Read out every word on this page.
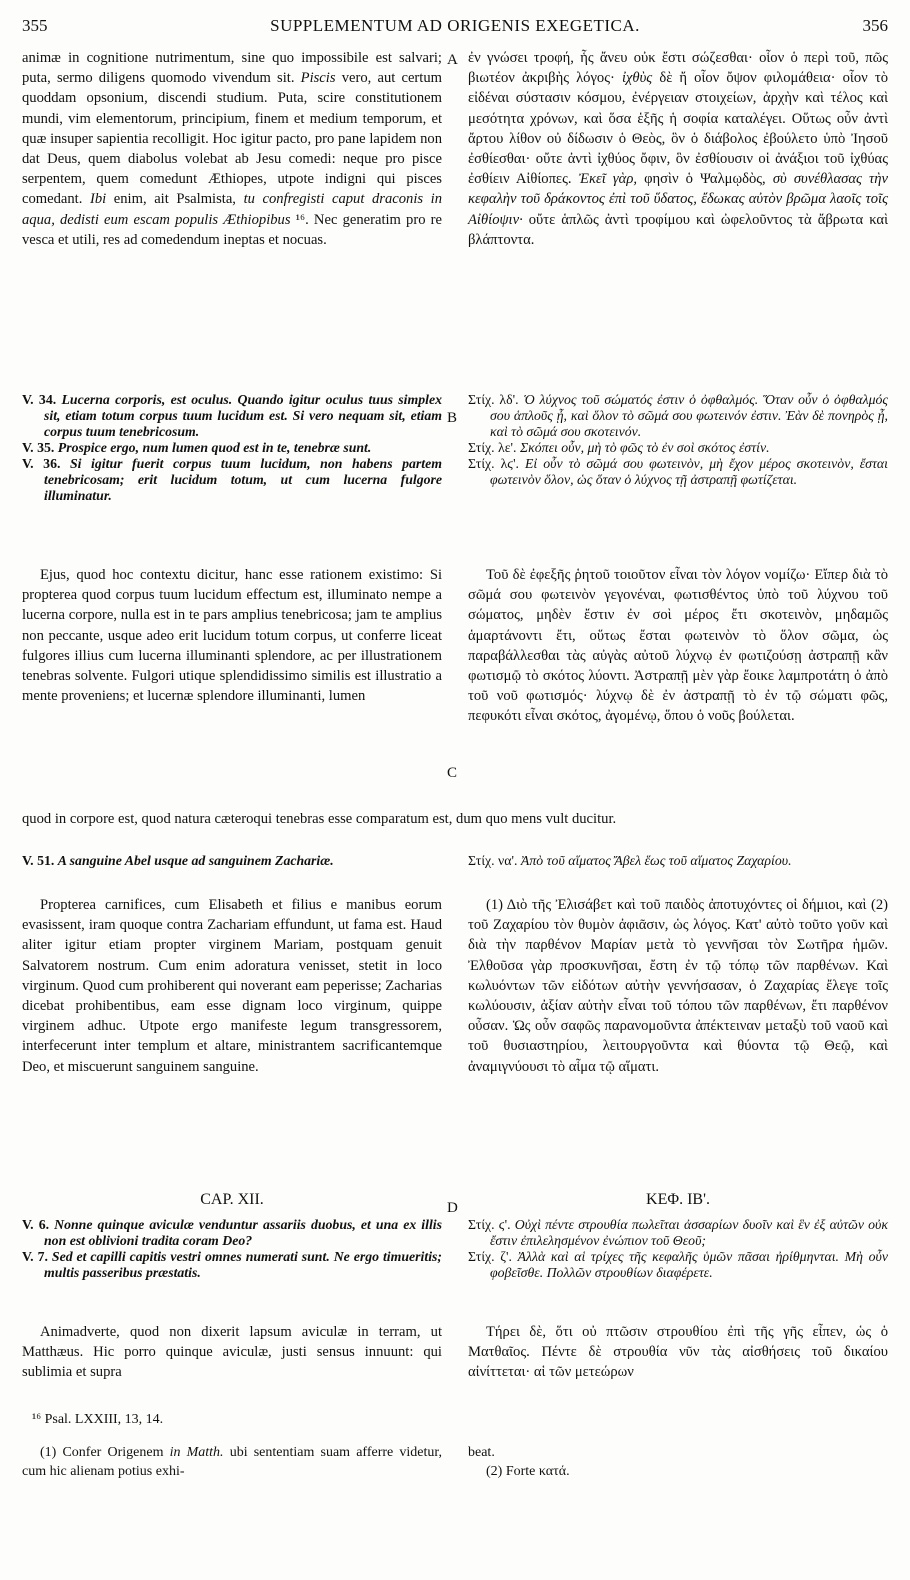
355	SUPPLEMENTUM AD ORIGENIS EXEGETICA.	356
A
B
C
D

animæ in cognitione nutrimentum, sine quo impossibile est salvari; puta, sermo diligens quomodo vivendum sit. Piscis vero, aut certum quoddam opsonium, discendi studium. Puta, scire constitutionem mundi, vim elementorum, principium, finem et medium temporum, et quæ insuper sapientia recolligit. Hoc igitur pacto, pro pane lapidem non dat Deus, quem diabolus volebat ab Jesu comedi: neque pro pisce serpentem, quem comedunt Æthiopes, utpote indigni qui pisces comedant. Ibi enim, ait Psalmista, tu confregisti caput draconis in aqua, dedisti eum escam populis Æthiopibus ¹⁶. Nec generatim pro re vesca et utili, res ad comedendum ineptas et nocuas.

ἐν γνώσει τροφή, ἧς ἄνευ οὐκ ἔστι σώζεσθαι· οἷον ὁ περὶ τοῦ, πῶς βιωτέον ἀκριβὴς λόγος· ἰχθὺς δὲ ἤ οἷον ὄψον φιλομάθεια· οἷον τὸ εἰδέναι σύστασιν κόσμου, ἐνέργειαν στοιχείων, ἀρχὴν καὶ τέλος καὶ μεσότητα χρόνων, καὶ ὅσα ἑξῆς ἡ σοφία καταλέγει. Οὕτως οὖν ἀντὶ ἄρτου λίθον οὐ δίδωσιν ὁ Θεὸς, ὃν ὁ διάβολος ἐβούλετο ὑπὸ Ἰησοῦ ἐσθίεσθαι· οὔτε ἀντὶ ἰχθύος ὄφιν, ὃν ἐσθίουσιν οἱ ἀνάξιοι τοῦ ἰχθύας ἐσθίειν Αἰθίοπες. Ἐκεῖ γὰρ, φησὶν ὁ Ψαλμῳδὸς, σὺ συνέθλασας τὴν κεφαλὴν τοῦ δράκοντος ἐπὶ τοῦ ὕδατος, ἔδωκας αὐτὸν βρῶμα λαοῖς τοῖς Αἰθίοψιν· οὔτε ἁπλῶς ἀντὶ τροφίμου καὶ ὠφελοῦντος τὰ ἄβρωτα καὶ βλάπτοντα.

V. 34. Lucerna corporis, est oculus. Quando igitur oculus tuus simplex sit, etiam totum corpus tuum lucidum est. Si vero nequam sit, etiam corpus tuum tenebricosum.

V. 35. Prospice ergo, num lumen quod est in te, tenebræ sunt.

V. 36. Si igitur fuerit corpus tuum lucidum, non habens partem tenebricosam; erit lucidum totum, ut cum lucerna fulgore illuminatur.

Στίχ. λδ'. Ὁ λύχνος τοῦ σώματός ἐστιν ὁ ὀφθαλμός. Ὅταν οὖν ὁ ὀφθαλμός σου ἁπλοῦς ᾖ, καὶ ὅλον τὸ σῶμά σου φωτεινόν ἐστιν. Ἐὰν δὲ πονηρὸς ᾖ, καὶ τὸ σῶμά σου σκοτεινόν.

Στίχ. λε'. Σκόπει οὖν, μὴ τὸ φῶς τὸ ἐν σοὶ σκότος ἐστίν.

Στίχ. λϛ'. Εἰ οὖν τὸ σῶμά σου φωτεινὸν, μὴ ἔχον μέρος σκοτεινὸν, ἔσται φωτεινὸν ὅλον, ὡς ὅταν ὁ λύχνος τῇ ἀστραπῇ φωτίζεται.

Ejus, quod hoc contextu dicitur, hanc esse rationem existimo: Si propterea quod corpus tuum lucidum effectum est, illuminato nempe a lucerna corpore, nulla est in te pars amplius tenebricosa; jam te amplius non peccante, usque adeo erit lucidum totum corpus, ut conferre liceat fulgores illius cum lucerna illuminanti splendore, ac per illustrationem tenebras solvente. Fulgori utique splendidissimo similis est illustratio a mente proveniens; et lucernæ splendore illuminanti, lumen

Τοῦ δὲ ἐφεξῆς ῥητοῦ τοιοῦτον εἶναι τὸν λόγον νομίζω· Εἴπερ διὰ τὸ σῶμά σου φωτεινὸν γεγονέναι, φωτισθέντος ὑπὸ τοῦ λύχνου τοῦ σώματος, μηδὲν ἔστιν ἐν σοὶ μέρος ἔτι σκοτεινὸν, μηδαμῶς ἁμαρτάνοντι ἔτι, οὕτως ἔσται φωτεινὸν τὸ ὅλον σῶμα, ὡς παραβάλλεσθαι τὰς αὐγὰς αὐτοῦ λύχνῳ ἐν φωτιζούσῃ ἀστραπῇ κἂν φωτισμῷ τὸ σκότος λύοντι. Ἀστραπῇ μὲν γὰρ ἔοικε λαμπροτάτη ὁ ἀπὸ τοῦ νοῦ φωτισμός· λύχνῳ δὲ ἐν ἀστραπῇ τὸ ἐν τῷ σώματι φῶς, πεφυκότι εἶναι σκότος, ἀγομένῳ, ὅπου ὁ νοῦς βούλεται.

quod in corpore est, quod natura cæteroqui tenebras esse comparatum est, dum quo mens vult ducitur.

V. 51. A sanguine Abel usque ad sanguinem Zachariæ.	Στίχ. να'. Ἀπὸ τοῦ αἵματος Ἄβελ ἕως τοῦ αἵματος Ζαχαρίου.

Propterea carnifices, cum Elisabeth et filius e manibus eorum evasissent, iram quoque contra Zachariam effundunt, ut fama est. Haud aliter igitur etiam propter virginem Mariam, postquam genuit Salvatorem nostrum. Cum enim adoratura venisset, stetit in loco virginum. Quod cum prohiberent qui noverant eam peperisse; Zacharias dicebat prohibentibus, eam esse dignam loco virginum, quippe virginem adhuc. Utpote ergo manifeste legum transgressorem, interfecerunt inter templum et altare, ministrantem sacrificantemque Deo, et miscuerunt sanguinem sanguine.

(1) Διὸ τῆς Ἐλισάβετ καὶ τοῦ παιδὸς ἀποτυχόντες οἱ δήμιοι, καὶ (2) τοῦ Ζαχαρίου τὸν θυμὸν ἀφιᾶσιν, ὡς λόγος. Κατ' αὐτὸ τοῦτο γοῦν καὶ διὰ τὴν παρθένον Μαρίαν μετὰ τὸ γεννῆσαι τὸν Σωτῆρα ἡμῶν. Ἐλθοῦσα γὰρ προσκυνῆσαι, ἔστη ἐν τῷ τόπῳ τῶν παρθένων. Καὶ κωλυόντων τῶν εἰδότων αὐτὴν γεννήσασαν, ὁ Ζαχαρίας ἔλεγε τοῖς κωλύουσιν, ἀξίαν αὐτὴν εἶναι τοῦ τόπου τῶν παρθένων, ἔτι παρθένον οὖσαν. Ὡς οὖν σαφῶς παρανομοῦντα ἀπέκτειναν μεταξὺ τοῦ ναοῦ καὶ τοῦ θυσιαστηρίου, λειτουργοῦντα καὶ θύοντα τῷ Θεῷ, καὶ ἀναμιγνύουσι τὸ αἷμα τῷ αἵματι.

CAP. XII.	ΚΕΦ. ΙΒ'.

V. 6. Nonne quinque aviculæ venduntur assariis duobus, et una ex illis non est oblivioni tradita coram Deo?

V. 7. Sed et capilli capitis vestri omnes numerati sunt. Ne ergo timueritis; multis passeribus præstatis.

Στίχ. ϛ'. Οὐχὶ πέντε στρουθία πωλεῖται ἀσσαρίων δυοῖν καὶ ἓν ἐξ αὐτῶν οὐκ ἔστιν ἐπιλελησμένον ἐνώπιον τοῦ Θεοῦ;

Στίχ. ζ'. Ἀλλὰ καὶ αἱ τρίχες τῆς κεφαλῆς ὑμῶν πᾶσαι ἠρίθμηνται. Μὴ οὖν φοβεῖσθε. Πολλῶν στρουθίων διαφέρετε.

Animadverte, quod non dixerit lapsum aviculæ in terram, ut Matthæus. Hic porro quinque aviculæ, justi sensus innuunt: qui sublimia et supra

Τήρει δὲ, ὅτι οὐ πτῶσιν στρουθίου ἐπὶ τῆς γῆς εἶπεν, ὡς ὁ Ματθαῖος. Πέντε δὲ στρουθία νῦν τὰς αἰσθήσεις τοῦ δικαίου αἰνίττεται· αἱ τῶν μετεώρων

¹⁶ Psal. LXXIII, 13, 14.

(1) Confer Origenem in Matth. ubi sententiam suam afferre videtur, cum hic alienam potius exhi-

beat.

(2) Forte κατά.
